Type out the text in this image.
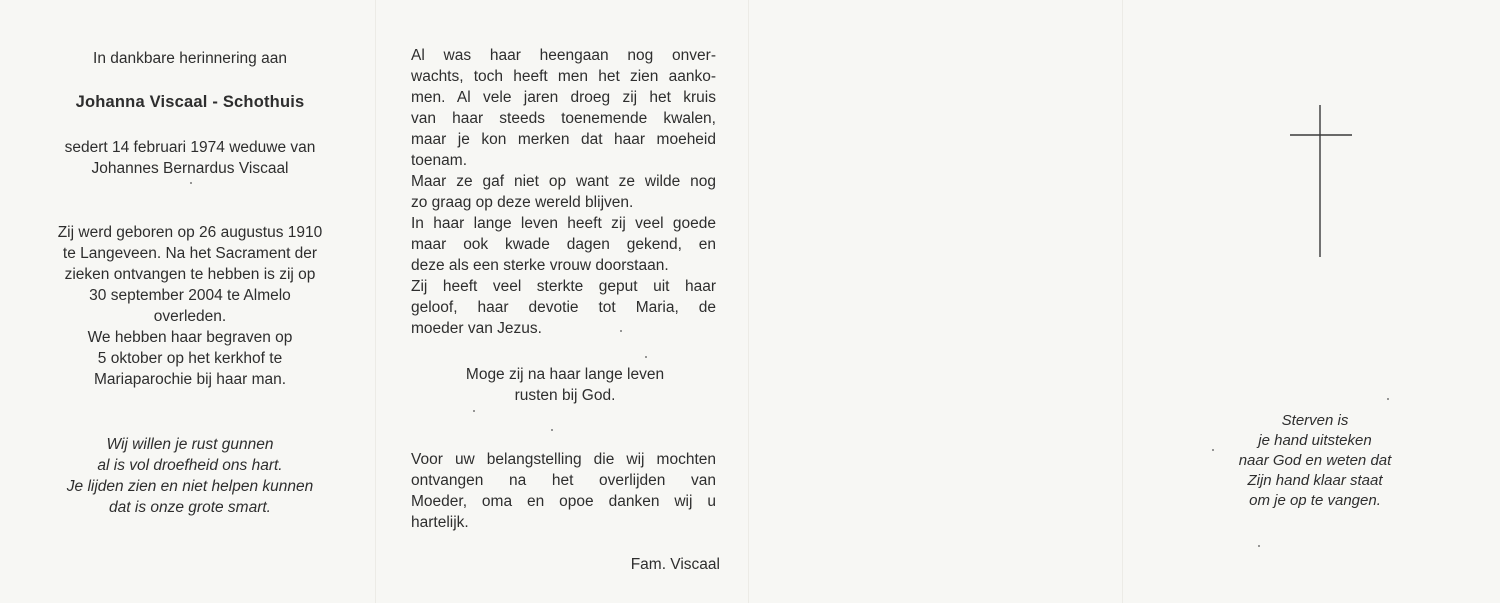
In dankbare herinnering aan
Johanna Viscaal - Schothuis
sedert 14 februari 1974 weduwe van
Johannes Bernardus Viscaal
Zij werd geboren op 26 augustus 1910
te Langeveen. Na het Sacrament der
zieken ontvangen te hebben is zij op
30 september 2004 te Almelo
overleden.
We hebben haar begraven op
5 oktober op het kerkhof te
Mariaparochie bij haar man.
Wij willen je rust gunnen
al is vol droefheid ons hart.
Je lijden zien en niet helpen kunnen
dat is onze grote smart.
Al was haar heengaan nog onver-
wachts, toch heeft men het zien aanko-
men. Al vele jaren droeg zij het kruis
van haar steeds toenemende kwalen,
maar je kon merken dat haar moeheid
toenam.
Maar ze gaf niet op want ze wilde nog
zo graag op deze wereld blijven.
In haar lange leven heeft zij veel goede
maar ook kwade dagen gekend, en
deze als een sterke vrouw doorstaan.
Zij heeft veel sterkte geput uit haar
geloof, haar devotie tot Maria, de
moeder van Jezus.
Moge zij na haar lange leven
rusten bij God.
Voor uw belangstelling die wij mochten
ontvangen na het overlijden van
Moeder, oma en opoe danken wij u
hartelijk.
Fam. Viscaal
Sterven is
je hand uitsteken
naar God en weten dat
Zijn hand klaar staat
om je op te vangen.
